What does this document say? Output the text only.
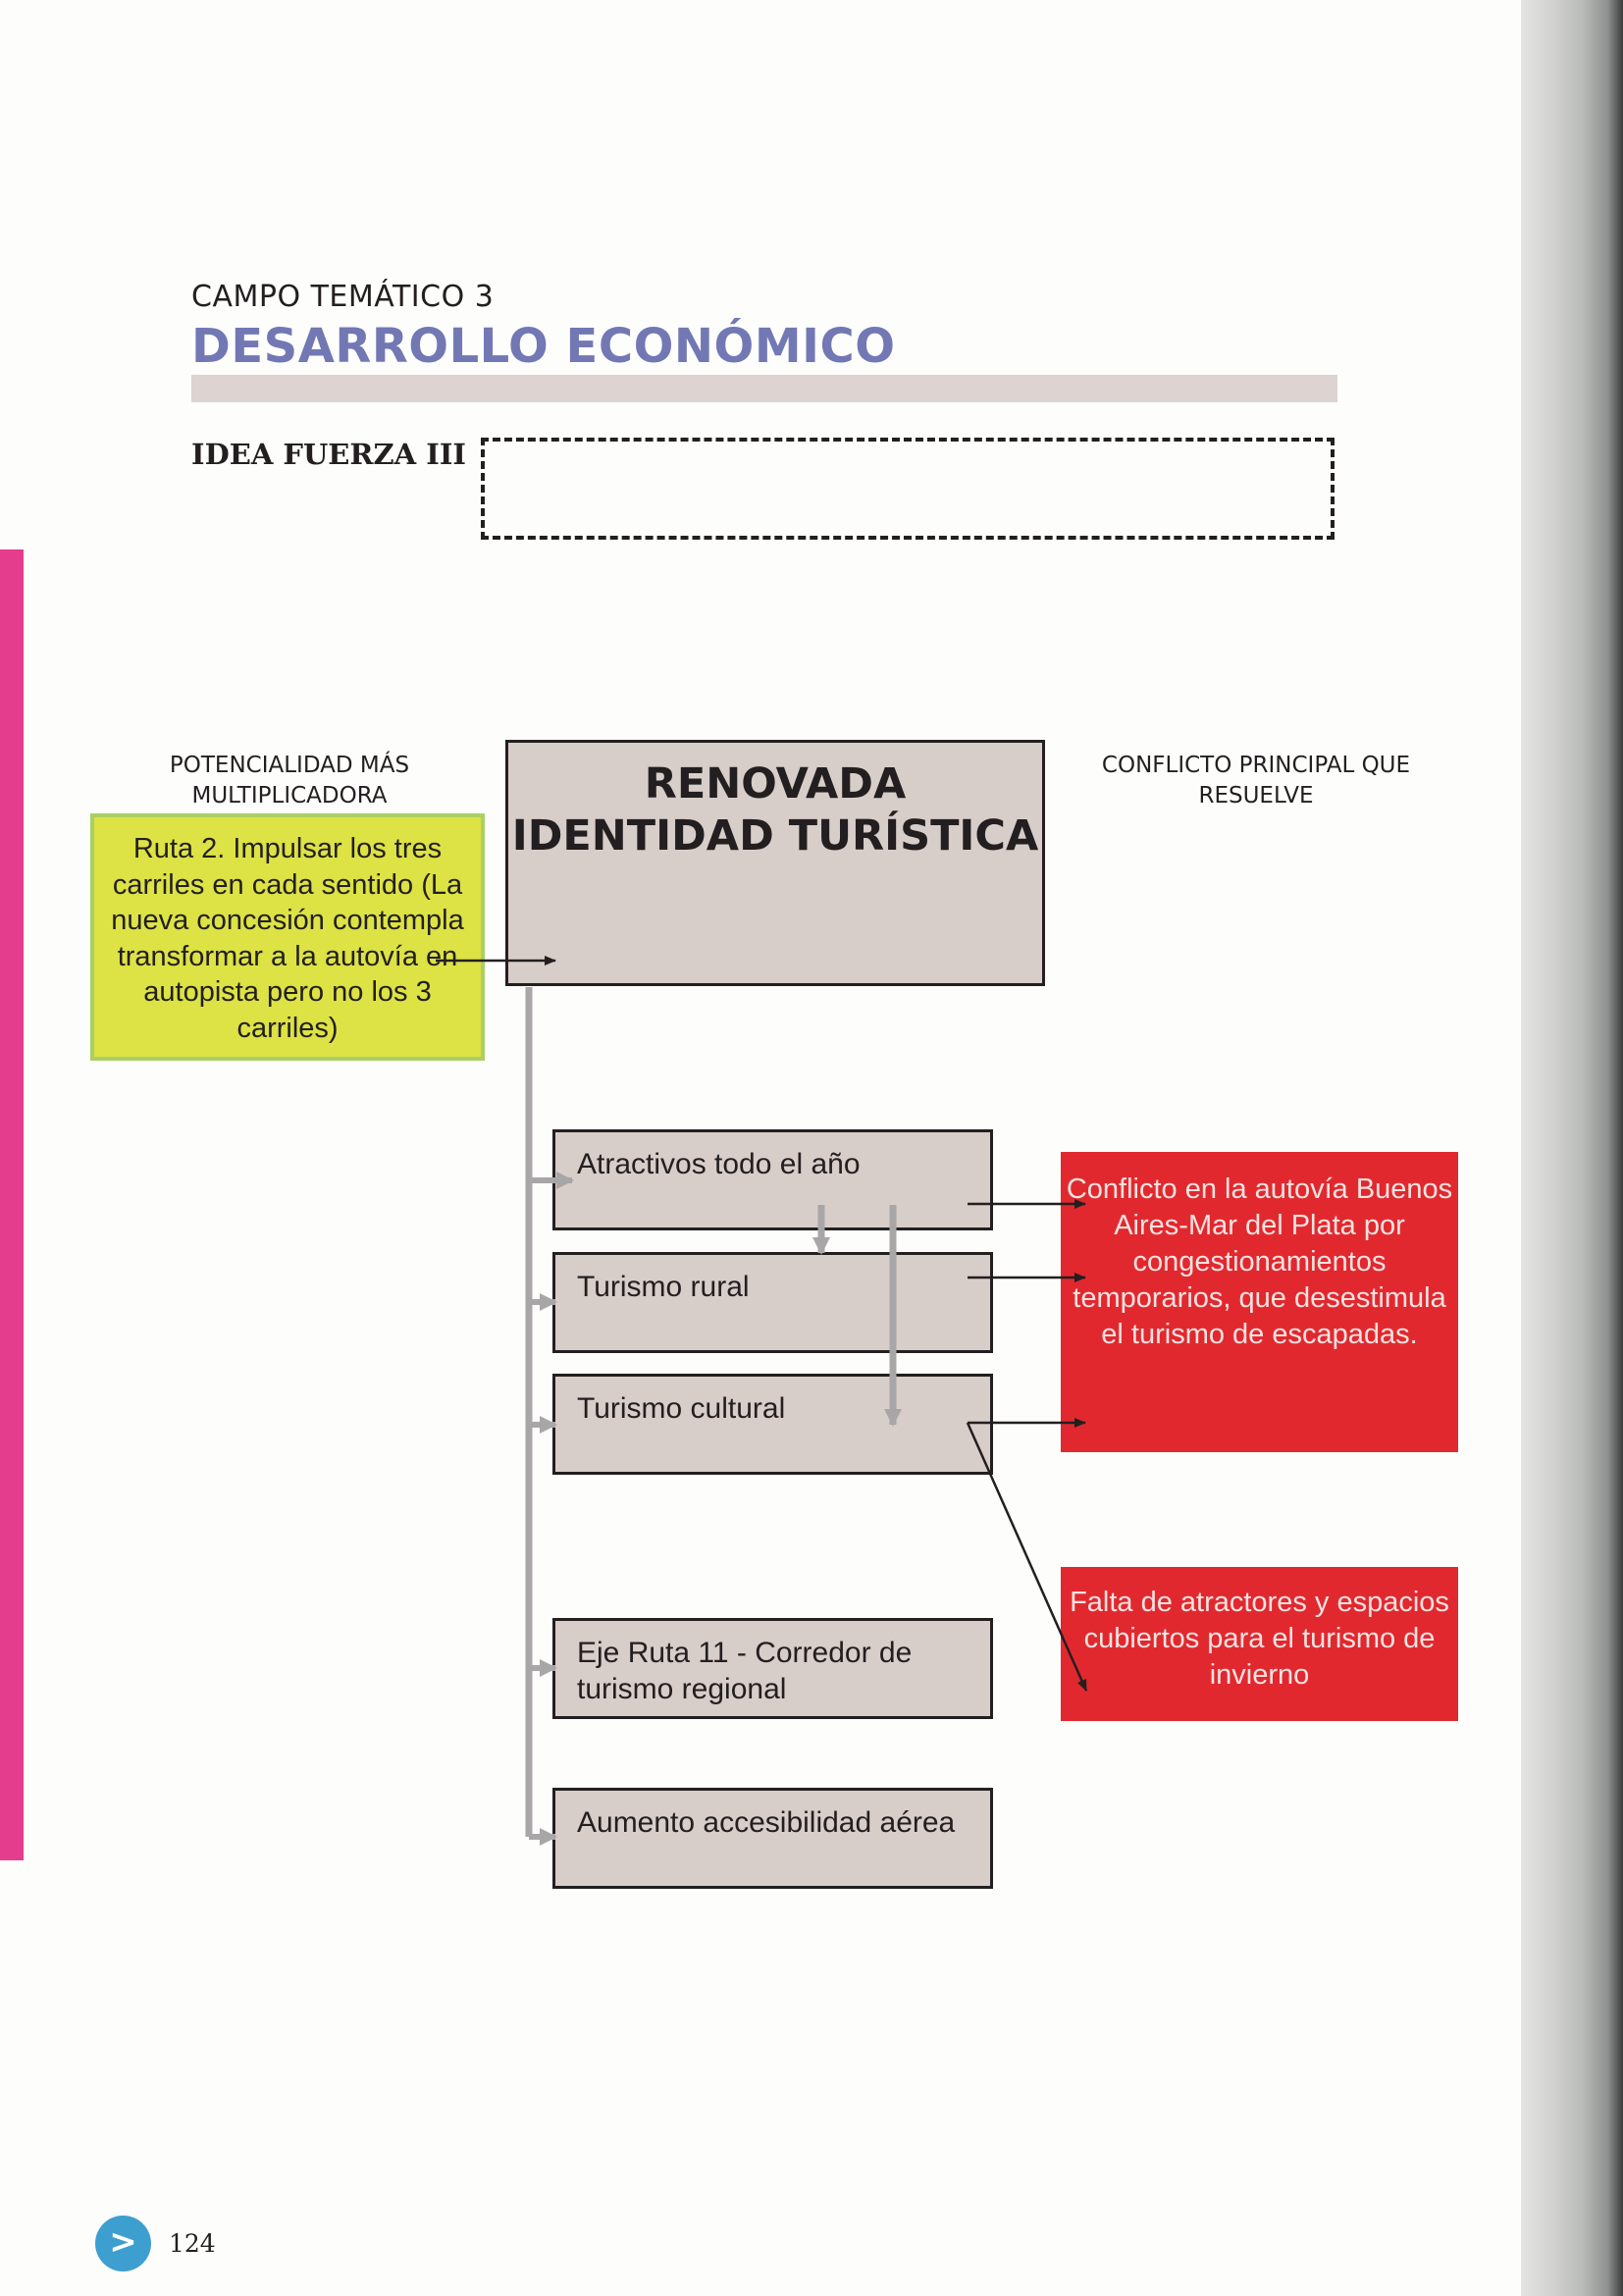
CAMPO TEMÁTICO 3
DESARROLLO ECONÓMICO
IDEA FUERZA III
POTENCIALIDAD MÁS MULTIPLICADORA
CONFLICTO PRINCIPAL QUE RESUELVE
Ruta 2. Impulsar los tres carriles en cada sentido (La nueva concesión contempla transformar a la autovía en autopista pero no los 3 carriles)
RENOVADA IDENTIDAD TURÍSTICA
Atractivos todo el año
Turismo rural
Turismo cultural
Eje Ruta 11 - Corredor de turismo regional
Aumento accesibilidad aérea
Conflicto en la autovía Buenos Aires-Mar del Plata por congestionamientos temporarios, que desestimula el turismo de escapadas.
Falta de atractores y espacios cubiertos para el turismo de invierno
>	124
